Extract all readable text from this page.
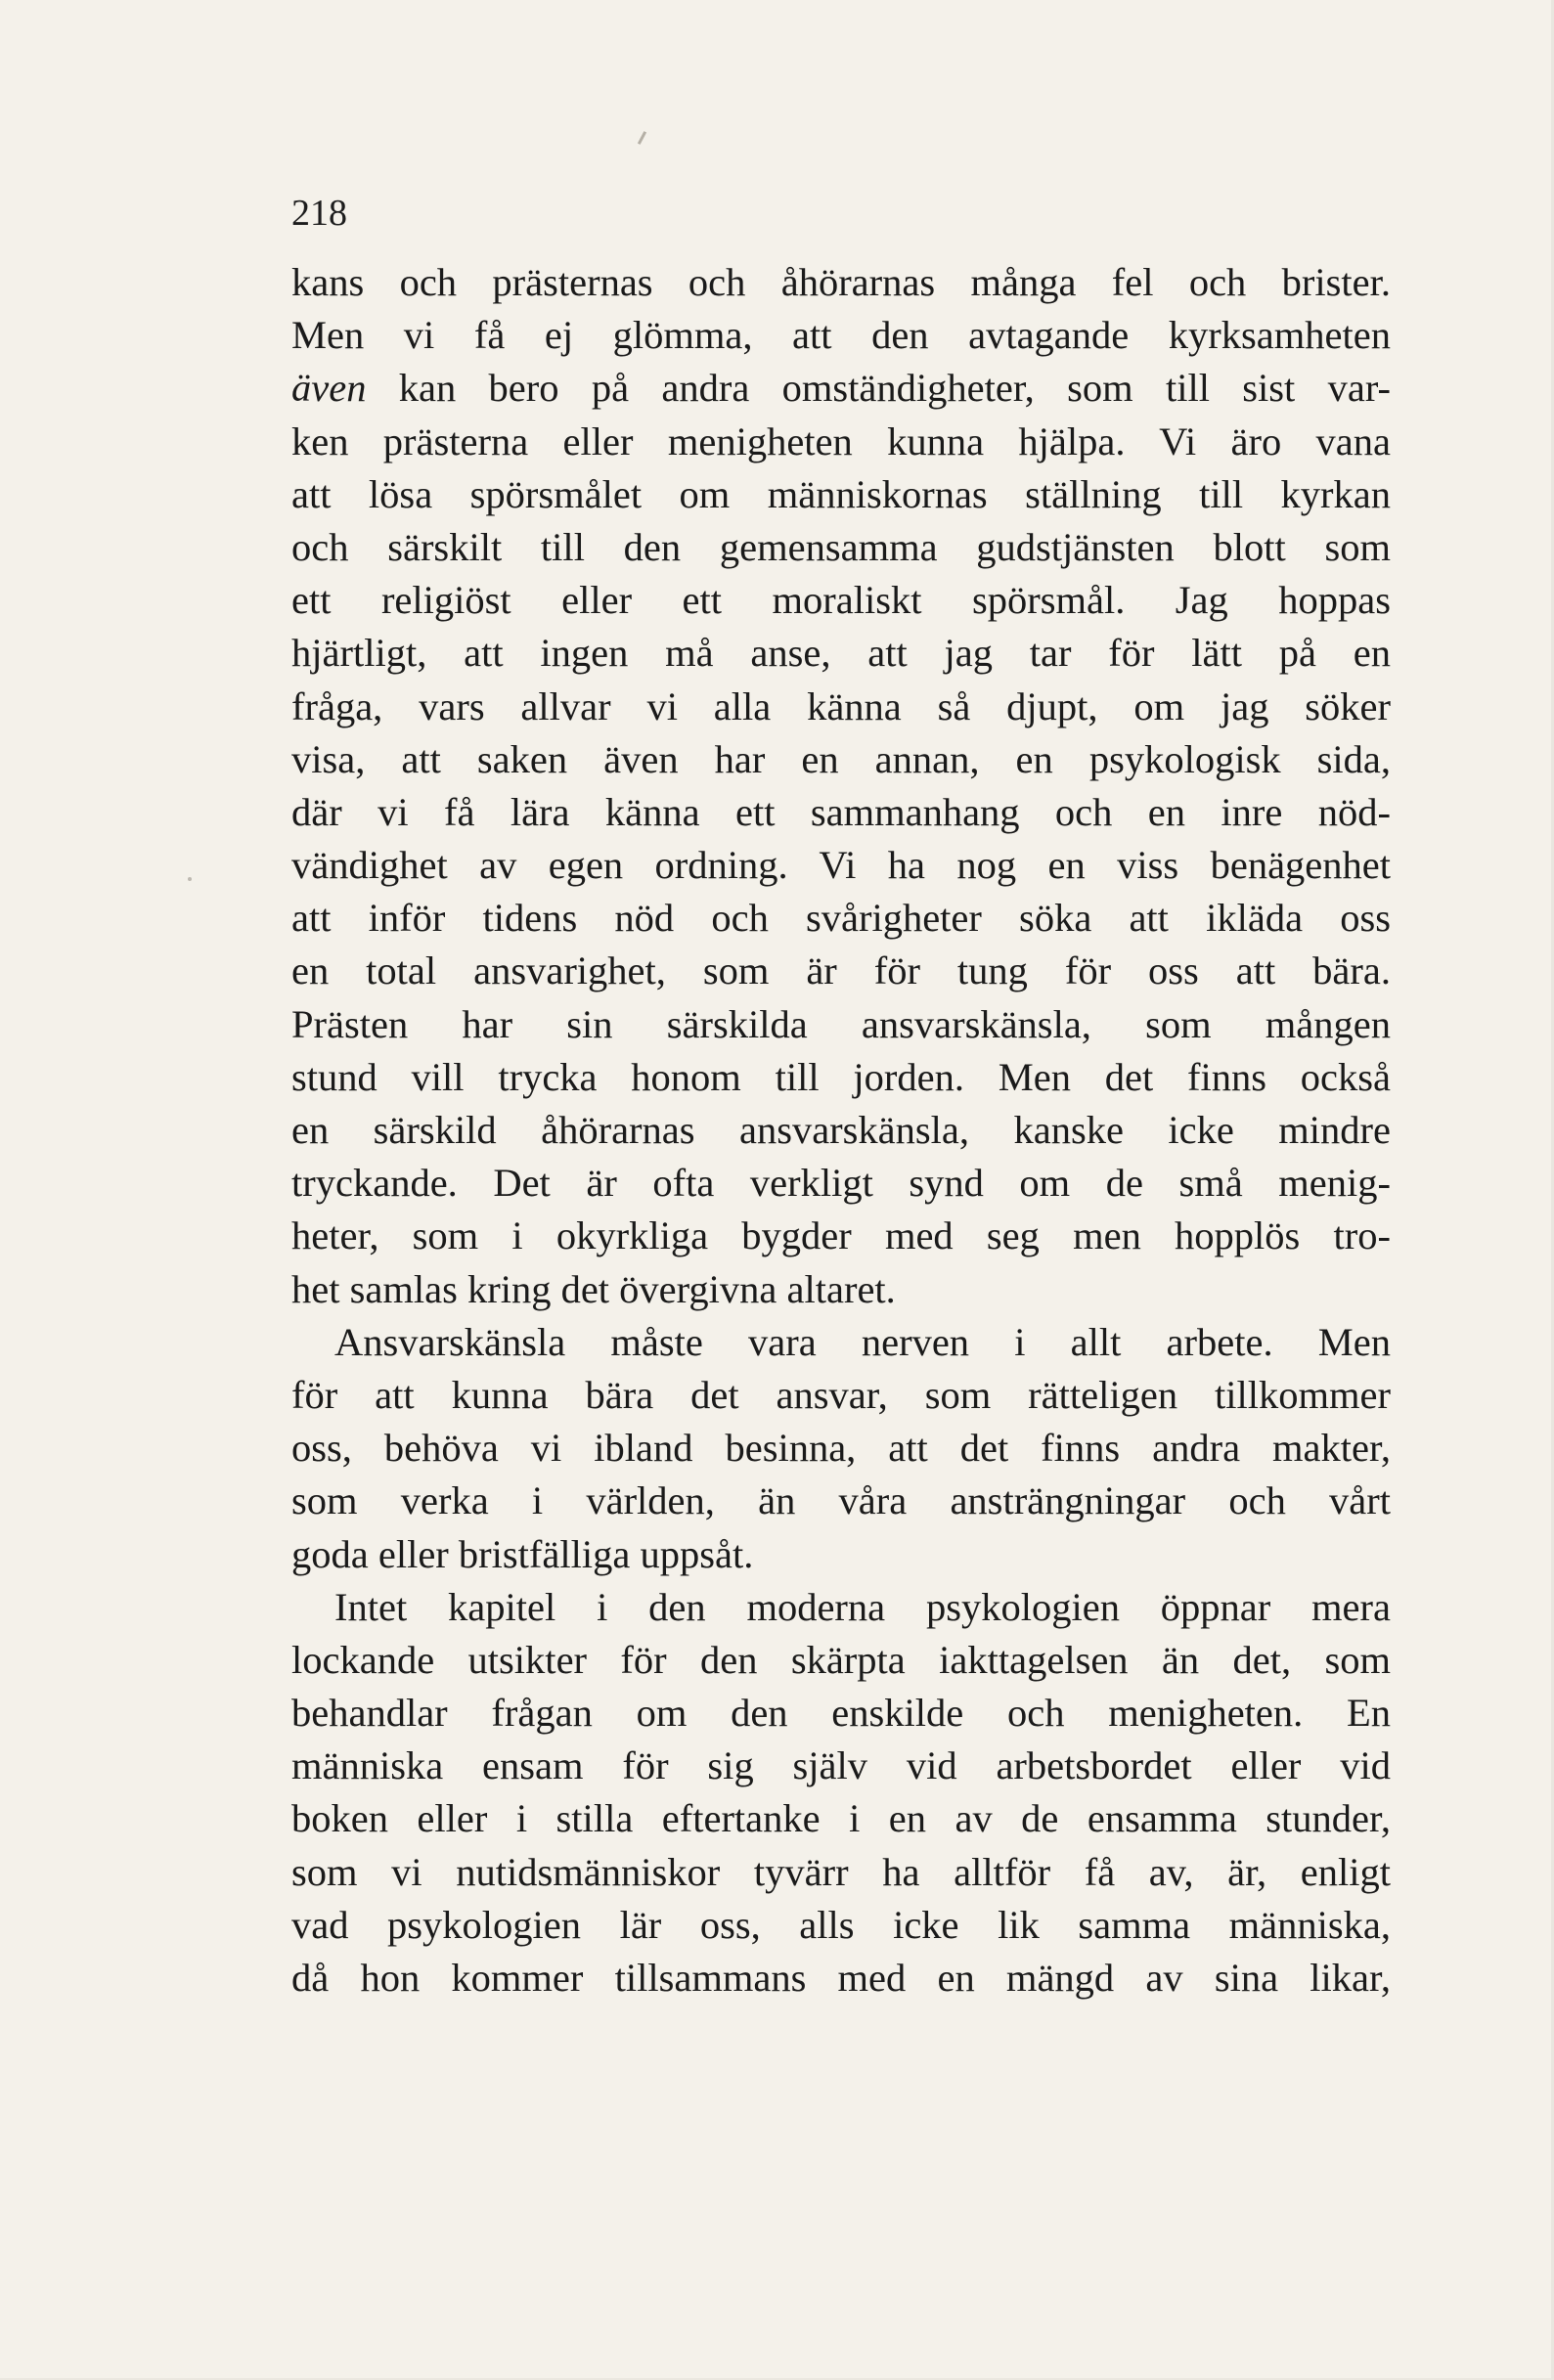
218
kans och prästernas och åhörarnas många fel och brister.
Men vi få ej glömma, att den avtagande kyrksamheten
även kan bero på andra omständigheter, som till sist var-
ken prästerna eller menigheten kunna hjälpa. Vi äro vana
att lösa spörsmålet om människornas ställning till kyrkan
och särskilt till den gemensamma gudstjänsten blott som
ett religiöst eller ett moraliskt spörsmål. Jag hoppas
hjärtligt, att ingen må anse, att jag tar för lätt på en
fråga, vars allvar vi alla känna så djupt, om jag söker
visa, att saken även har en annan, en psykologisk sida,
där vi få lära känna ett sammanhang och en inre nöd-
vändighet av egen ordning. Vi ha nog en viss benägenhet
att inför tidens nöd och svårigheter söka att ikläda oss
en total ansvarighet, som är för tung för oss att bära.
Prästen har sin särskilda ansvarskänsla, som mången
stund vill trycka honom till jorden. Men det finns också
en särskild åhörarnas ansvarskänsla, kanske icke mindre
tryckande. Det är ofta verkligt synd om de små menig-
heter, som i okyrkliga bygder med seg men hopplös tro-
het samlas kring det övergivna altaret.
Ansvarskänsla måste vara nerven i allt arbete. Men
för att kunna bära det ansvar, som rätteligen tillkommer
oss, behöva vi ibland besinna, att det finns andra makter,
som verka i världen, än våra ansträngningar och vårt
goda eller bristfälliga uppsåt.
Intet kapitel i den moderna psykologien öppnar mera
lockande utsikter för den skärpta iakttagelsen än det, som
behandlar frågan om den enskilde och menigheten. En
människa ensam för sig själv vid arbetsbordet eller vid
boken eller i stilla eftertanke i en av de ensamma stunder,
som vi nutidsmänniskor tyvärr ha alltför få av, är, enligt
vad psykologien lär oss, alls icke lik samma människa,
då hon kommer tillsammans med en mängd av sina likar,
